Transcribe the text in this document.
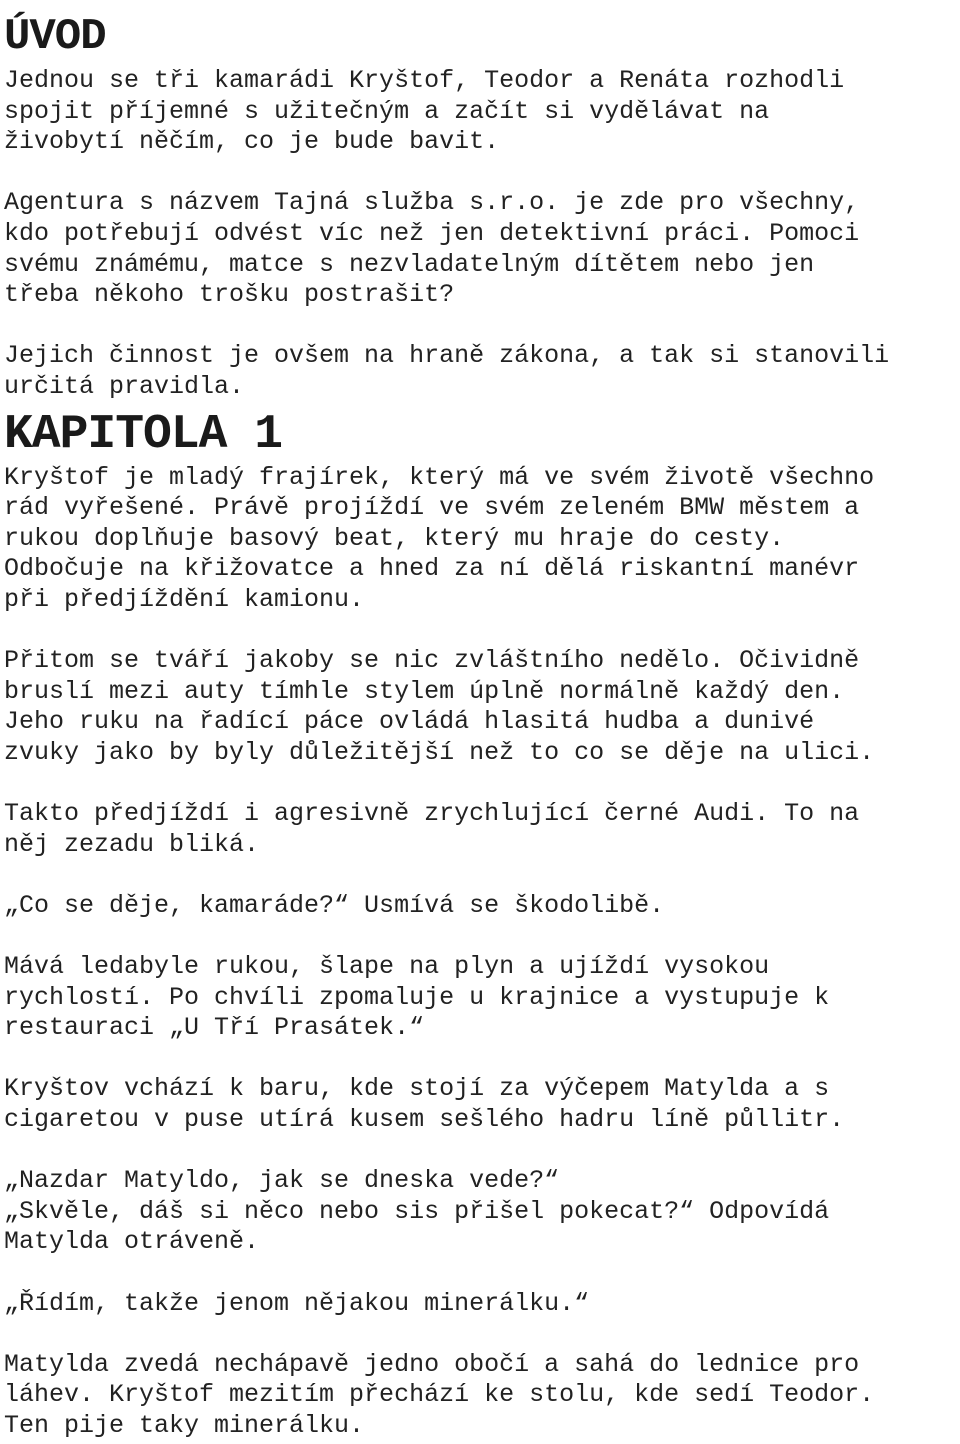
ÚVOD

Jednou se tři kamarádi Kryštof, Teodor a Renáta rozhodli
spojit příjemné s užitečným a začít si vydělávat na
živobytí něčím, co je bude bavit.

Agentura s názvem Tajná služba s.r.o. je zde pro všechny,
kdo potřebují odvést víc než jen detektivní práci. Pomoci
svému známému, matce s nezvladatelným dítětem nebo jen
třeba někoho trošku postrašit?

Jejich činnost je ovšem na hraně zákona, a tak si stanovili
určitá pravidla.

KAPITOLA 1

Kryštof je mladý frajírek, který má ve svém životě všechno
rád vyřešené. Právě projíždí ve svém zeleném BMW městem a
rukou doplňuje basový beat, který mu hraje do cesty.
Odbočuje na křižovatce a hned za ní dělá riskantní manévr
při předjíždění kamionu.

Přitom se tváří jakoby se nic zvláštního nedělo. Očividně
bruslí mezi auty tímhle stylem úplně normálně každý den.
Jeho ruku na řadící páce ovládá hlasitá hudba a dunivé
zvuky jako by byly důležitější než to co se děje na ulici.

Takto předjíždí i agresivně zrychlující černé Audi. To na
něj zezadu bliká.

„Co se děje, kamaráde?“ Usmívá se škodolibě.

Mává ledabyle rukou, šlape na plyn a ujíždí vysokou
rychlostí. Po chvíli zpomaluje u krajnice a vystupuje k
restauraci „U Tří Prasátek.“

Kryštov vchází k baru, kde stojí za výčepem Matylda a s
cigaretou v puse utírá kusem sešlého hadru líně půllitr.

„Nazdar Matyldo, jak se dneska vede?“
„Skvěle, dáš si něco nebo sis přišel pokecat?“ Odpovídá
Matylda otráveně.

„Řídím, takže jenom nějakou minerálku.“

Matylda zvedá nechápavě jedno obočí a sahá do lednice pro
láhev. Kryštof mezitím přechází ke stolu, kde sedí Teodor.
Ten pije taky minerálku.
